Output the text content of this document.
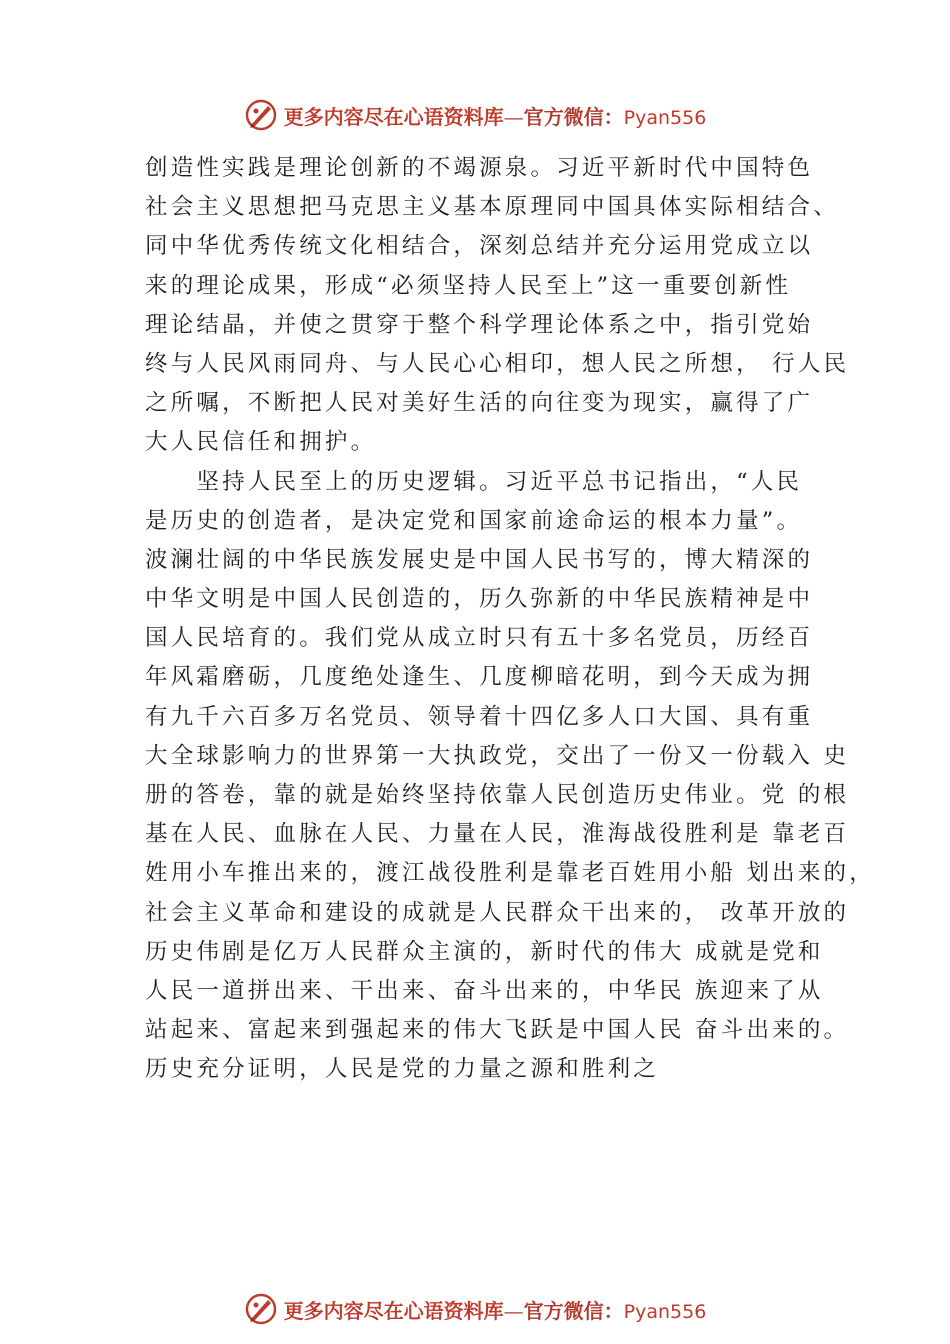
更多内容尽在心语资料库—官方微信：Pyan556
创造性实践是理论创新的不竭源泉。习近平新时代中国特色
社会主义思想把马克思主义基本原理同中国具体实际相结合、
同中华优秀传统文化相结合，深刻总结并充分运用党成立以
来的理论成果，形成“必须坚持人民至上”这一重要创新性
理论结晶，并使之贯穿于整个科学理论体系之中，指引党始
终与人民风雨同舟、与人民心心相印，想人民之所想， 行人民
之所嘱，不断把人民对美好生活的向往变为现实，赢得了广
大人民信任和拥护。
　　坚持人民至上的历史逻辑。习近平总书记指出，“人民
是历史的创造者，是决定党和国家前途命运的根本力量”。
波澜壮阔的中华民族发展史是中国人民书写的，博大精深的
中华文明是中国人民创造的，历久弥新的中华民族精神是中
国人民培育的。我们党从成立时只有五十多名党员，历经百
年风霜磨砺，几度绝处逢生、几度柳暗花明，到今天成为拥
有九千六百多万名党员、领导着十四亿多人口大国、具有重
大全球影响力的世界第一大执政党，交出了一份又一份载入 史
册的答卷，靠的就是始终坚持依靠人民创造历史伟业。党 的根
基在人民、血脉在人民、力量在人民，淮海战役胜利是 靠老百
姓用小车推出来的，渡江战役胜利是靠老百姓用小船 划出来的，
社会主义革命和建设的成就是人民群众干出来的， 改革开放的
历史伟剧是亿万人民群众主演的，新时代的伟大 成就是党和
人民一道拼出来、干出来、奋斗出来的，中华民 族迎来了从
站起来、富起来到强起来的伟大飞跃是中国人民 奋斗出来的。
历史充分证明，人民是党的力量之源和胜利之
更多内容尽在心语资料库—官方微信：Pyan556
